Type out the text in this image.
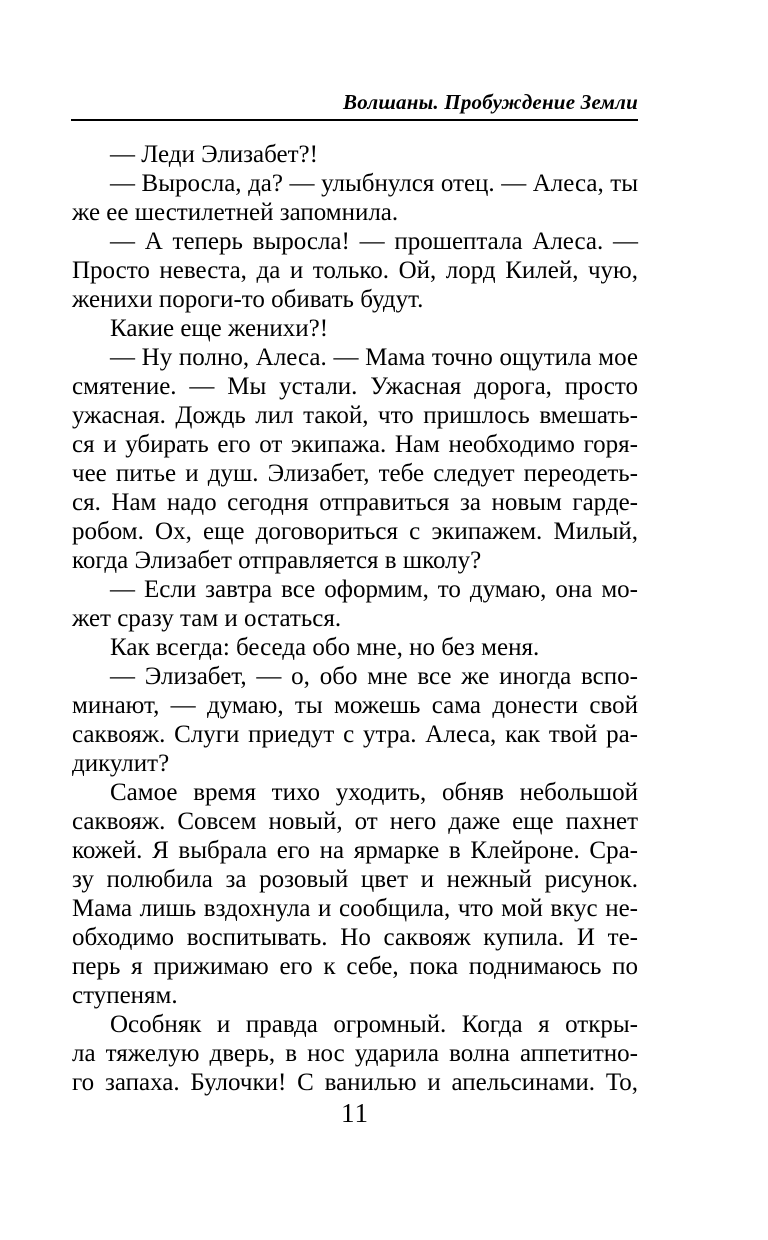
Волшаны. Пробуждение Земли
— Леди Элизабет?!
— Выросла, да? — улыбнулся отец. — Алеса, ты
же ее шестилетней запомнила.
— А теперь выросла! — прошептала Алеса. —
Просто невеста, да и только. Ой, лорд Килей, чую,
женихи пороги-то обивать будут.
Какие еще женихи?!
— Ну полно, Алеса. — Мама точно ощутила мое
смятение. — Мы устали. Ужасная дорога, просто
ужасная. Дождь лил такой, что пришлось вмешать-
ся и убирать его от экипажа. Нам необходимо горя-
чее питье и душ. Элизабет, тебе следует переодеть-
ся. Нам надо сегодня отправиться за новым гарде-
робом. Ох, еще договориться с экипажем. Милый,
когда Элизабет отправляется в школу?
— Если завтра все оформим, то думаю, она мо-
жет сразу там и остаться.
Как всегда: беседа обо мне, но без меня.
— Элизабет, — о, обо мне все же иногда вспо-
минают, — думаю, ты можешь сама донести свой
саквояж. Слуги приедут с утра. Алеса, как твой ра-
дикулит?
Самое время тихо уходить, обняв небольшой
саквояж. Совсем новый, от него даже еще пахнет
кожей. Я выбрала его на ярмарке в Клейроне. Сра-
зу полюбила за розовый цвет и нежный рисунок.
Мама лишь вздохнула и сообщила, что мой вкус не-
обходимо воспитывать. Но саквояж купила. И те-
перь я прижимаю его к себе, пока поднимаюсь по
ступеням.
Особняк и правда огромный. Когда я откры-
ла тяжелую дверь, в нос ударила волна аппетитно-
го запаха. Булочки! С ванилью и апельсинами. То,
11
